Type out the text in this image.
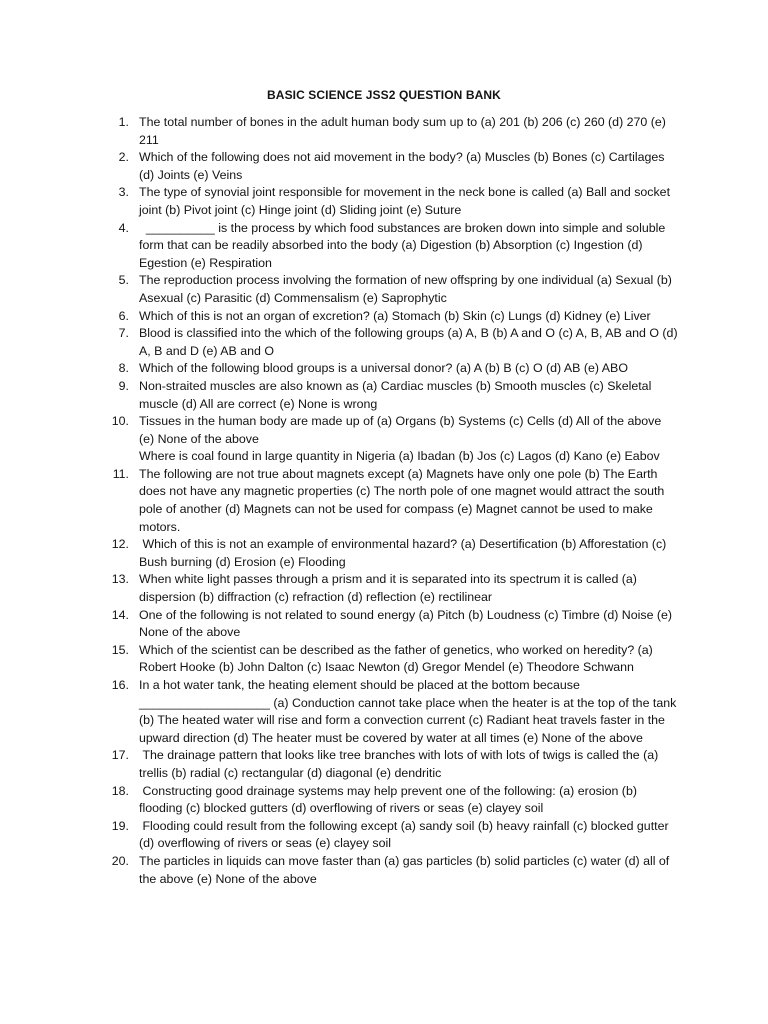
BASIC SCIENCE JSS2 QUESTION BANK
1. The total number of bones in the adult human body sum up to (a) 201 (b) 206 (c) 260 (d) 270 (e) 211
2. Which of the following does not aid movement in the body? (a) Muscles (b) Bones (c) Cartilages (d) Joints (e) Veins
3. The type of synovial joint responsible for movement in the neck bone is called (a) Ball and socket joint (b) Pivot joint (c) Hinge joint (d) Sliding joint (e) Suture
4. __________ is the process by which food substances are broken down into simple and soluble form that can be readily absorbed into the body (a) Digestion (b) Absorption (c) Ingestion (d) Egestion (e) Respiration
5. The reproduction process involving the formation of new offspring by one individual (a) Sexual (b) Asexual (c) Parasitic (d) Commensalism (e) Saprophytic
6. Which of this is not an organ of excretion? (a) Stomach (b) Skin (c) Lungs (d) Kidney (e) Liver
7. Blood is classified into the which of the following groups (a) A, B (b) A and O (c) A, B, AB and O (d) A, B and D (e) AB and O
8. Which of the following blood groups is a universal donor? (a) A (b) B (c) O (d) AB (e) ABO
9. Non-straited muscles are also known as (a) Cardiac muscles (b) Smooth muscles (c) Skeletal muscle (d) All are correct (e) None is wrong
10. Tissues in the human body are made up of (a) Organs (b) Systems (c) Cells (d) All of the above (e) None of the above
Where is coal found in large quantity in Nigeria (a) Ibadan (b) Jos (c) Lagos (d) Kano (e) Eabov
11. The following are not true about magnets except (a) Magnets have only one pole (b) The Earth does not have any magnetic properties (c) The north pole of one magnet would attract the south pole of another (d) Magnets can not be used for compass (e) Magnet cannot be used to make motors.
12. Which of this is not an example of environmental hazard? (a) Desertification (b) Afforestation (c) Bush burning (d) Erosion (e) Flooding
13. When white light passes through a prism and it is separated into its spectrum it is called (a) dispersion (b) diffraction (c) refraction (d) reflection (e) rectilinear
14. One of the following is not related to sound energy (a) Pitch (b) Loudness (c) Timbre (d) Noise (e) None of the above
15. Which of the scientist can be described as the father of genetics, who worked on heredity? (a) Robert Hooke (b) John Dalton (c) Isaac Newton (d) Gregor Mendel (e) Theodore Schwann
16. In a hot water tank, the heating element should be placed at the bottom because ___________________ (a) Conduction cannot take place when the heater is at the top of the tank (b) The heated water will rise and form a convection current (c) Radiant heat travels faster in the upward direction (d) The heater must be covered by water at all times (e) None of the above
17. The drainage pattern that looks like tree branches with lots of with lots of twigs is called the (a) trellis (b) radial (c) rectangular (d) diagonal (e) dendritic
18. Constructing good drainage systems may help prevent one of the following: (a) erosion (b) flooding (c) blocked gutters (d) overflowing of rivers or seas (e) clayey soil
19. Flooding could result from the following except (a) sandy soil (b) heavy rainfall (c) blocked gutter (d) overflowing of rivers or seas (e) clayey soil
20. The particles in liquids can move faster than (a) gas particles (b) solid particles (c) water (d) all of the above (e) None of the above
